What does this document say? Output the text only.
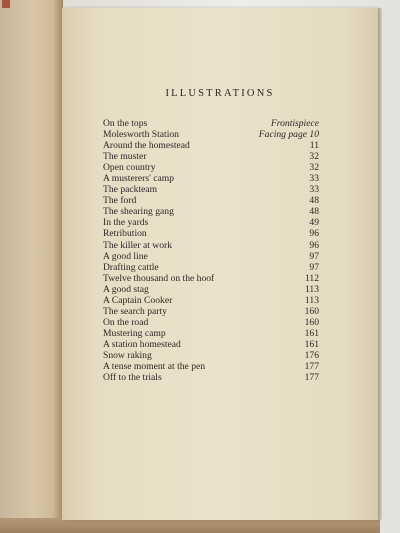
ILLUSTRATIONS
On the tops	Frontispiece
Molesworth Station	Facing page 10
Around the homestead	11
The muster	32
Open country	32
A musterers' camp	33
The packteam	33
The ford	48
The shearing gang	48
In the yards	49
Retribution	96
The killer at work	96
A good line	97
Drafting cattle	97
Twelve thousand on the hoof	112
A good stag	113
A Captain Cooker	113
The search party	160
On the road	160
Mustering camp	161
A station homestead	161
Snow raking	176
A tense moment at the pen	177
Off to the trials	177
